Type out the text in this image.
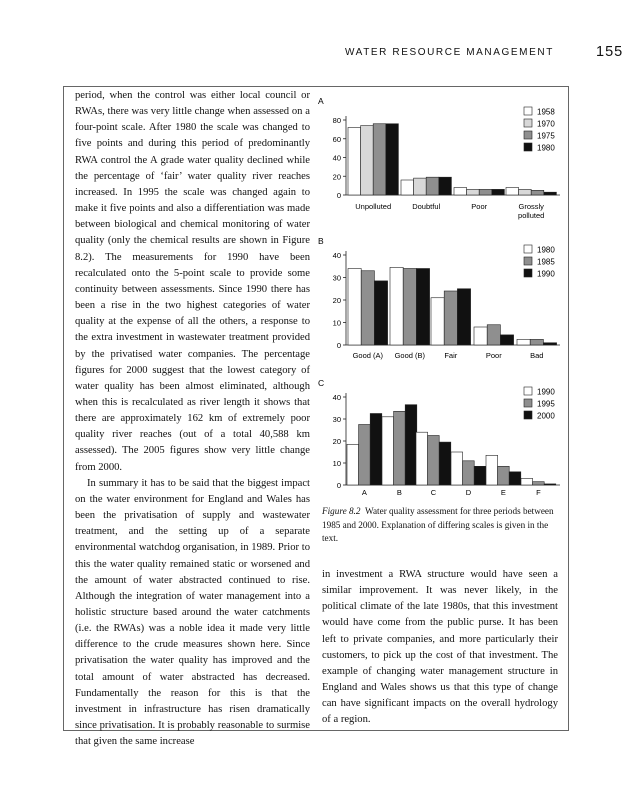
WATER RESOURCE MANAGEMENT	155

period, when the control was either local council or RWAs, there was very little change when assessed on a four-point scale. After 1980 the scale was changed to five points and during this period of predominantly RWA control the A grade water quality declined while the percentage of ‘fair’ water quality river reaches increased. In 1995 the scale was changed again to make it five points and also a differentiation was made between biological and chemical monitoring of water quality (only the chemical results are shown in Figure 8.2). The measurements for 1990 have been recalculated onto the 5-point scale to provide some continuity between assessments. Since 1990 there has been a rise in the two highest categories of water quality at the expense of all the others, a response to the extra investment in wastewater treatment provided by the privatised water companies. The percentage figures for 2000 suggest that the lowest category of water quality has been almost eliminated, although when this is recalculated as river length it shows that there are approximately 162 km of extremely poor quality river reaches (out of a total 40,588 km assessed). The 2005 figures show very little change from 2000.

In summary it has to be said that the biggest impact on the water environment for England and Wales has been the privatisation of supply and wastewater treatment, and the setting up of a separate environmental watchdog organisation, in 1989. Prior to this the water quality remained static or worsened and the amount of water abstracted continued to rise. Although the integration of water management into a holistic structure based around the water catchments (i.e. the RWAs) was a noble idea it made very little difference to the crude measures shown here. Since privatisation the water quality has improved and the total amount of water abstracted has decreased. Fundamentally the reason for this is that the investment in infrastructure has risen dramatically since privatisation. It is probably reasonable to surmise that given the same increase

A
0
20
40
60
80
Unpolluted	Doubtful	Poor	Grossly polluted
1958
1970
1975
1980
B
0
10
20
30
40
Good (A) Good (B)	Fair	Poor	Bad
1980
1985
1990
C
0
10
20
30
40
A	B	C	D	E	F
1990
1995
2000

Figure 8.2 Water quality assessment for three periods between 1985 and 2000. Explanation of differing scales is given in the text.

in investment a RWA structure would have seen a similar improvement. It was never likely, in the political climate of the late 1980s, that this investment would have come from the public purse. It has been left to private companies, and more particularly their customers, to pick up the cost of that investment. The example of changing water management structure in England and Wales shows us that this type of change can have significant impacts on the overall hydrology of a region.
